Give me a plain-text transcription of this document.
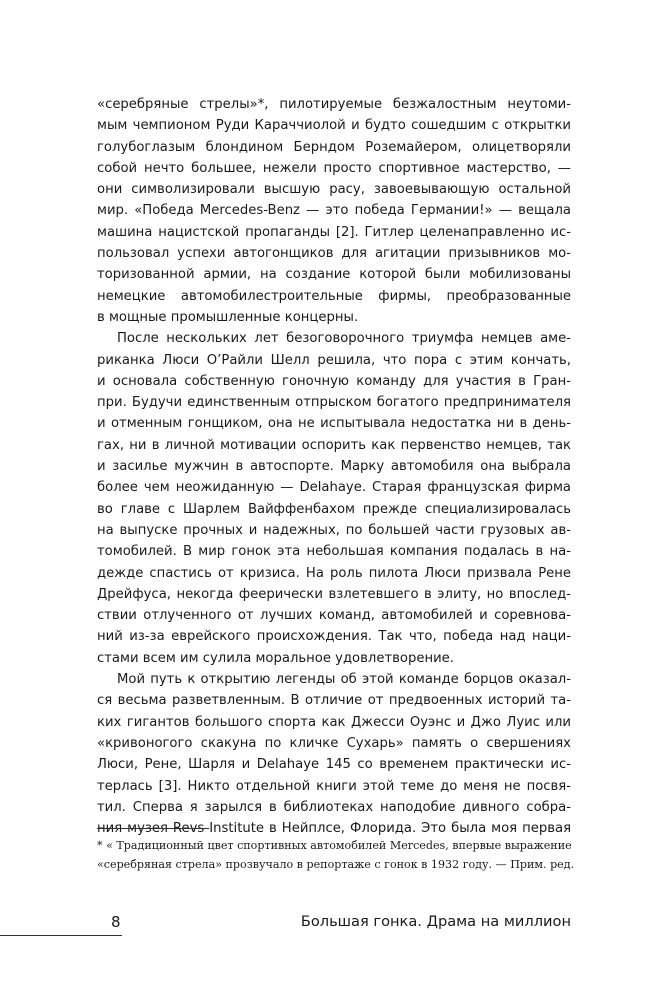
«серебряные стрелы»*, пилотируемые безжалостным неутоми-
мым чемпионом Руди Караччиолой и будто сошедшим с открытки
голубоглазым блондином Берндом Роземайером, олицетворяли
собой нечто большее, нежели просто спортивное мастерство, —
они символизировали высшую расу, завоевывающую остальной
мир. «Победа Mercedes-Benz — это победа Германии!» — вещала
машина нацистской пропаганды [2]. Гитлер целенаправленно ис-
пользовал успехи автогонщиков для агитации призывников мо-
торизованной армии, на создание которой были мобилизованы
немецкие автомобилестроительные фирмы, преобразованные
в мощные промышленные концерны.
После нескольких лет безоговорочного триумфа немцев аме-
риканка Люси О’Райли Шелл решила, что пора с этим кончать,
и основала собственную гоночную команду для участия в Гран-
при. Будучи единственным отпрыском богатого предпринимателя
и отменным гонщиком, она не испытывала недостатка ни в день-
гах, ни в личной мотивации оспорить как первенство немцев, так
и засилье мужчин в автоспорте. Марку автомобиля она выбрала
более чем неожиданную — Delahaye. Старая французская фирма
во главе с Шарлем Вайффенбахом прежде специализировалась
на выпуске прочных и надежных, по большей части грузовых ав-
томобилей. В мир гонок эта небольшая компания подалась в на-
дежде спастись от кризиса. На роль пилота Люси призвала Рене
Дрейфуса, некогда феерически взлетевшего в элиту, но впослед-
ствии отлученного от лучших команд, автомобилей и соревнова-
ний из-за еврейского происхождения. Так что, победа над наци-
стами всем им сулила моральное удовлетворение.
Мой путь к открытию легенды об этой команде борцов оказал-
ся весьма разветвленным. В отличие от предвоенных историй та-
ких гигантов большого спорта как Джесси Оуэнс и Джо Луис или
«кривоногого скакуна по кличке Сухарь» память о свершениях
Люси, Рене, Шарля и Delahaye 145 со временем практически ис-
терлась [3]. Никто отдельной книги этой теме до меня не посвя-
тил. Сперва я зарылся в библиотеках наподобие дивного собра-
ния музея Revs Institute в Нейплсе, Флорида. Это была моя первая
* « Традиционный цвет спортивных автомобилей Mercedes, впервые выражение
«серебряная стрела» прозвучало в репортаже с гонок в 1932 году. — Прим. ред.
8	Большая гонка. Драма на миллион
